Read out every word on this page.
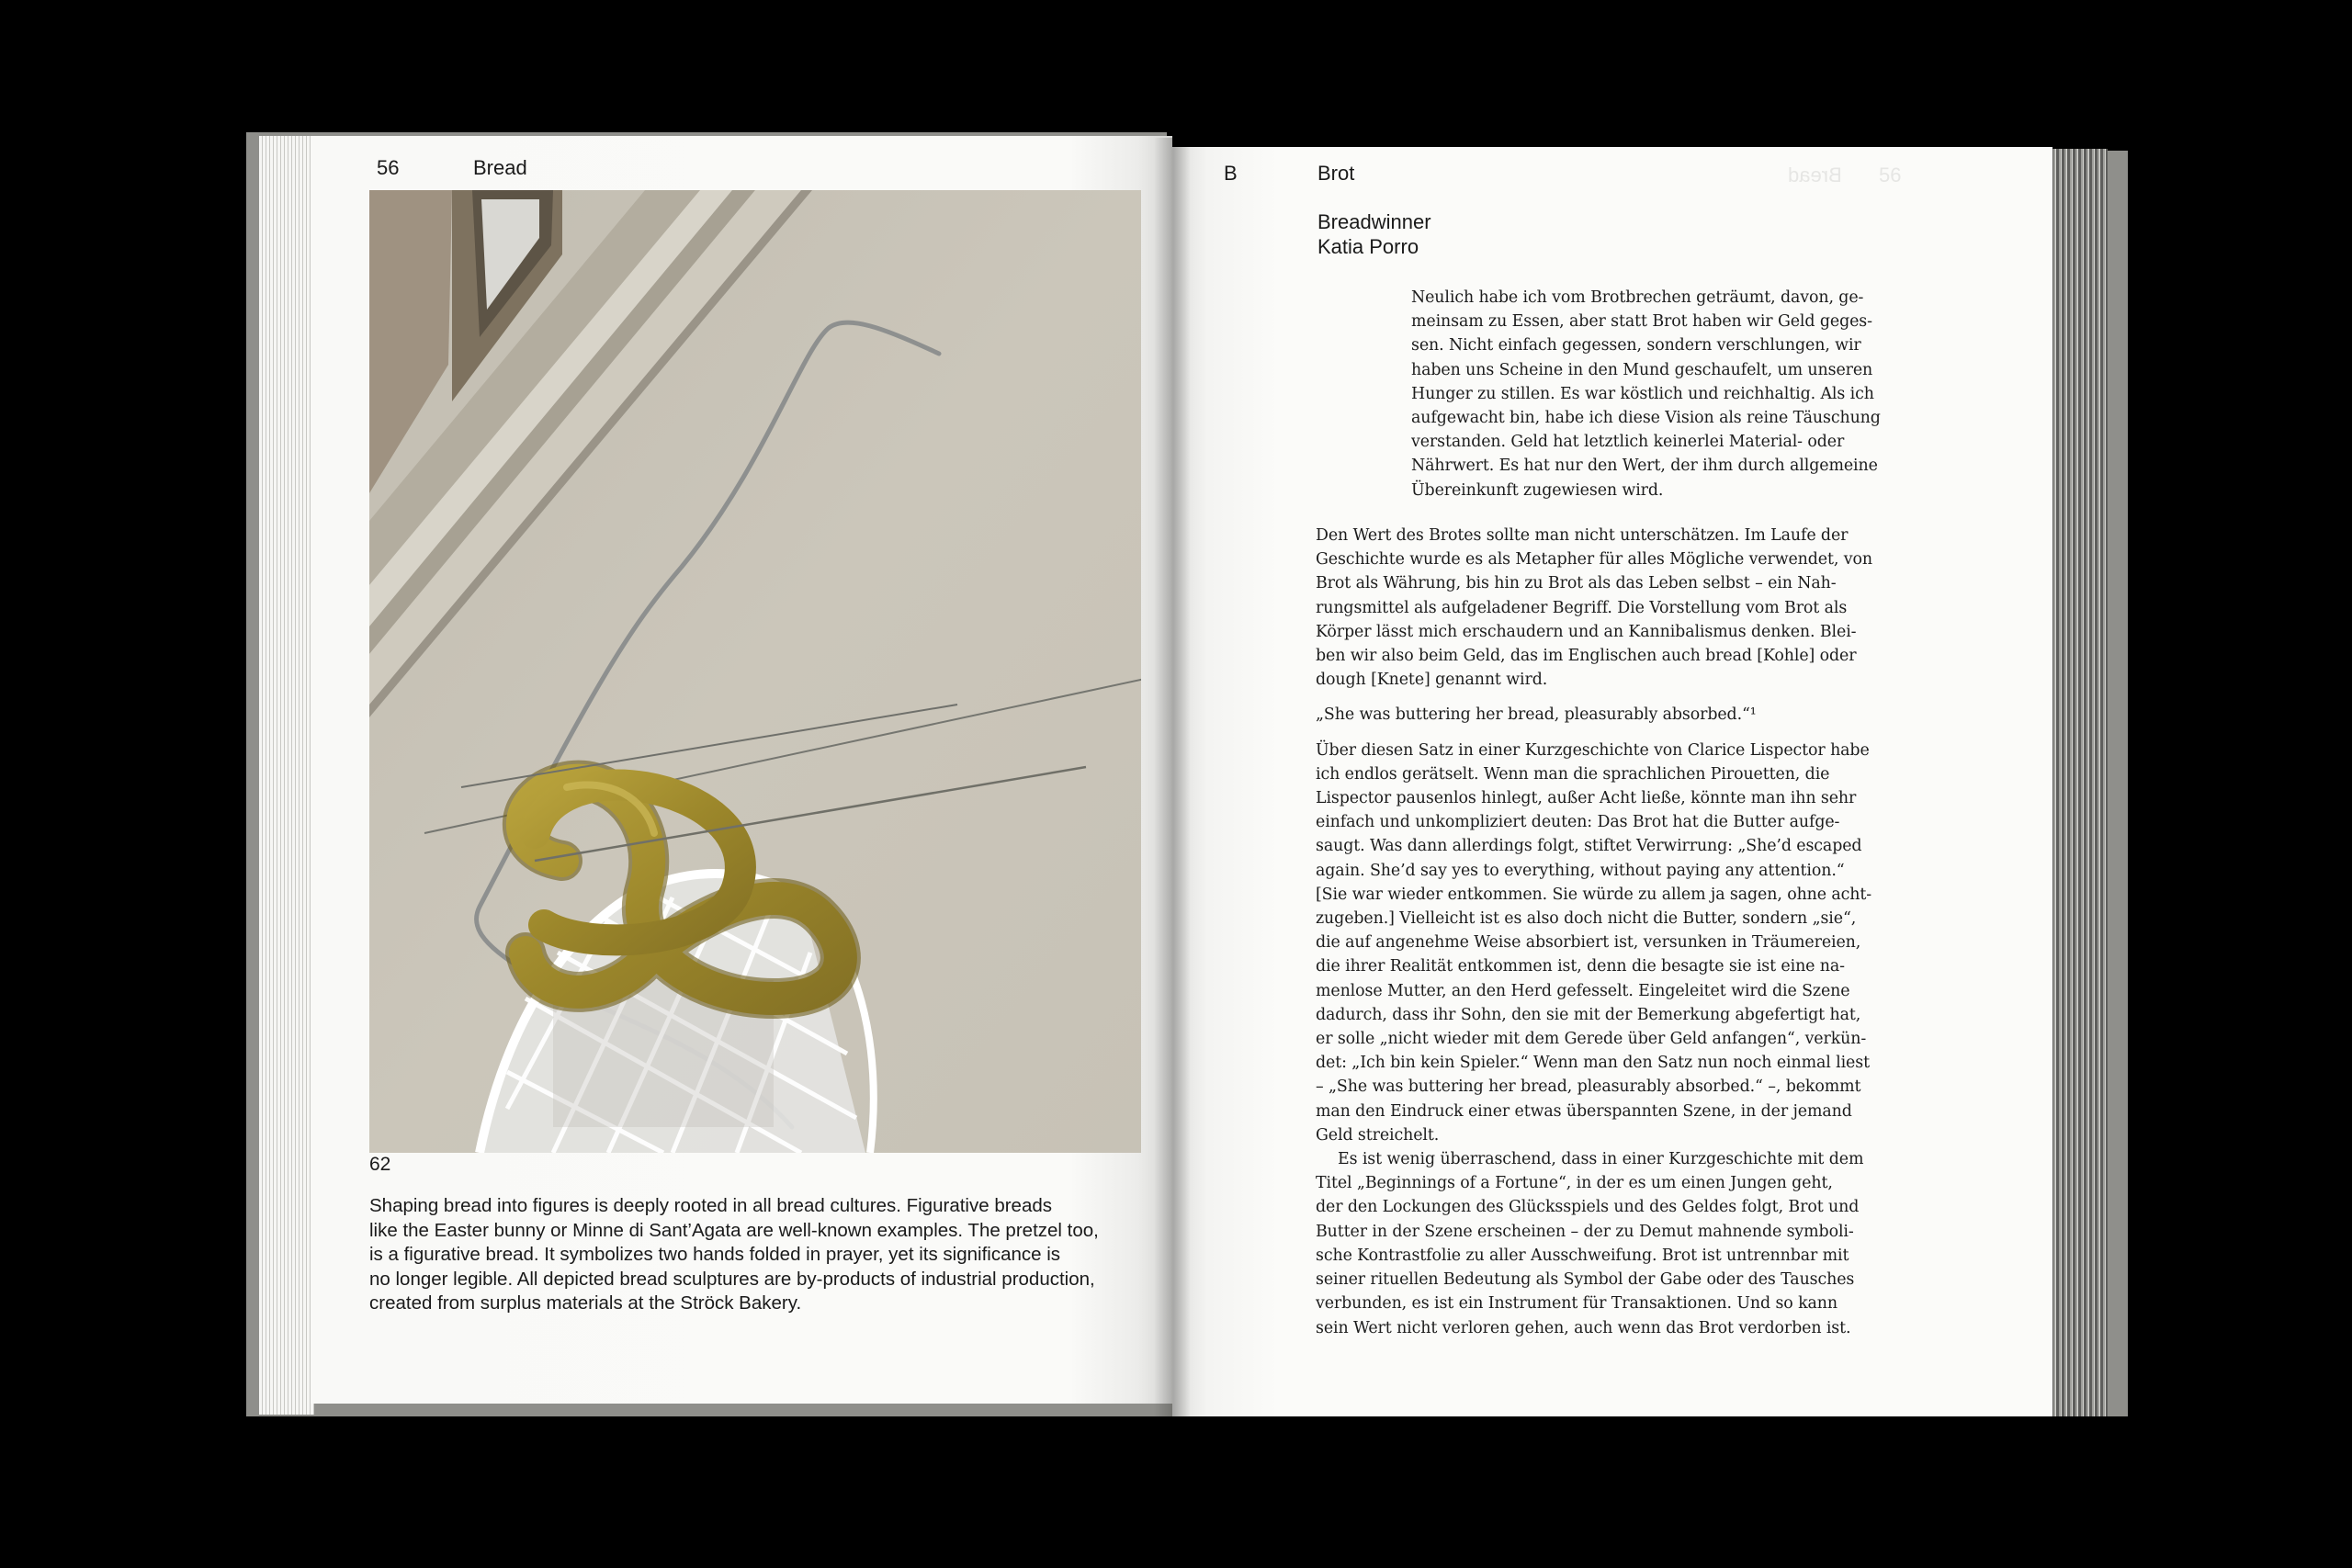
56	Bread
62
Shaping bread into figures is deeply rooted in all bread cultures. Figurative breads
like the Easter bunny or Minne di Sant’Agata are well-known examples. The pretzel too,
is a figurative bread. It symbolizes two hands folded in prayer, yet its significance is
no longer legible. All depicted bread sculptures are by-products of industrial production,
created from surplus materials at the Ströck Bakery.
B	Brot	Bread 56
Breadwinner
Katia Porro
Neulich habe ich vom Brotbrechen geträumt, davon, ge-
meinsam zu Essen, aber statt Brot haben wir Geld geges-
sen. Nicht einfach gegessen, sondern verschlungen, wir
haben uns Scheine in den Mund geschaufelt, um unseren
Hunger zu stillen. Es war köstlich und reichhaltig. Als ich
aufgewacht bin, habe ich diese Vision als reine Täuschung
verstanden. Geld hat letztlich keinerlei Material- oder
Nährwert. Es hat nur den Wert, der ihm durch allgemeine
Übereinkunft zugewiesen wird.

Den Wert des Brotes sollte man nicht unterschätzen. Im Laufe der

Geschichte wurde es als Metapher für alles Mögliche verwendet, von

Brot als Währung, bis hin zu Brot als das Leben selbst – ein Nah-

rungsmittel als aufgeladener Begriff. Die Vorstellung vom Brot als

Körper lässt mich erschaudern und an Kannibalismus denken. Blei-

ben wir also beim Geld, das im Englischen auch bread [Kohle] oder

dough [Knete] genannt wird.

„She was buttering her bread, pleasurably absorbed.“¹

Über diesen Satz in einer Kurzgeschichte von Clarice Lispector habe

ich endlos gerätselt. Wenn man die sprachlichen Pirouetten, die

Lispector pausenlos hinlegt, außer Acht ließe, könnte man ihn sehr

einfach und unkompliziert deuten: Das Brot hat die Butter aufge-

saugt. Was dann allerdings folgt, stiftet Verwirrung: „She’d escaped

again. She’d say yes to everything, without paying any attention.“

[Sie war wieder entkommen. Sie würde zu allem ja sagen, ohne acht-

zugeben.] Vielleicht ist es also doch nicht die Butter, sondern „sie“,

die auf angenehme Weise absorbiert ist, versunken in Träumereien,

die ihrer Realität entkommen ist, denn die besagte sie ist eine na-

menlose Mutter, an den Herd gefesselt. Eingeleitet wird die Szene

dadurch, dass ihr Sohn, den sie mit der Bemerkung abgefertigt hat,

er solle „nicht wieder mit dem Gerede über Geld anfangen“, verkün-

det: „Ich bin kein Spieler.“ Wenn man den Satz nun noch einmal liest

– „She was buttering her bread, pleasurably absorbed.“ –, bekommt

man den Eindruck einer etwas überspannten Szene, in der jemand

Geld streichelt.

Es ist wenig überraschend, dass in einer Kurzgeschichte mit dem

Titel „Beginnings of a Fortune“, in der es um einen Jungen geht,

der den Lockungen des Glücksspiels und des Geldes folgt, Brot und

Butter in der Szene erscheinen – der zu Demut mahnende symboli-

sche Kontrastfolie zu aller Ausschweifung. Brot ist untrennbar mit

seiner rituellen Bedeutung als Symbol der Gabe oder des Tausches

verbunden, es ist ein Instrument für Transaktionen. Und so kann

sein Wert nicht verloren gehen, auch wenn das Brot verdorben ist.
